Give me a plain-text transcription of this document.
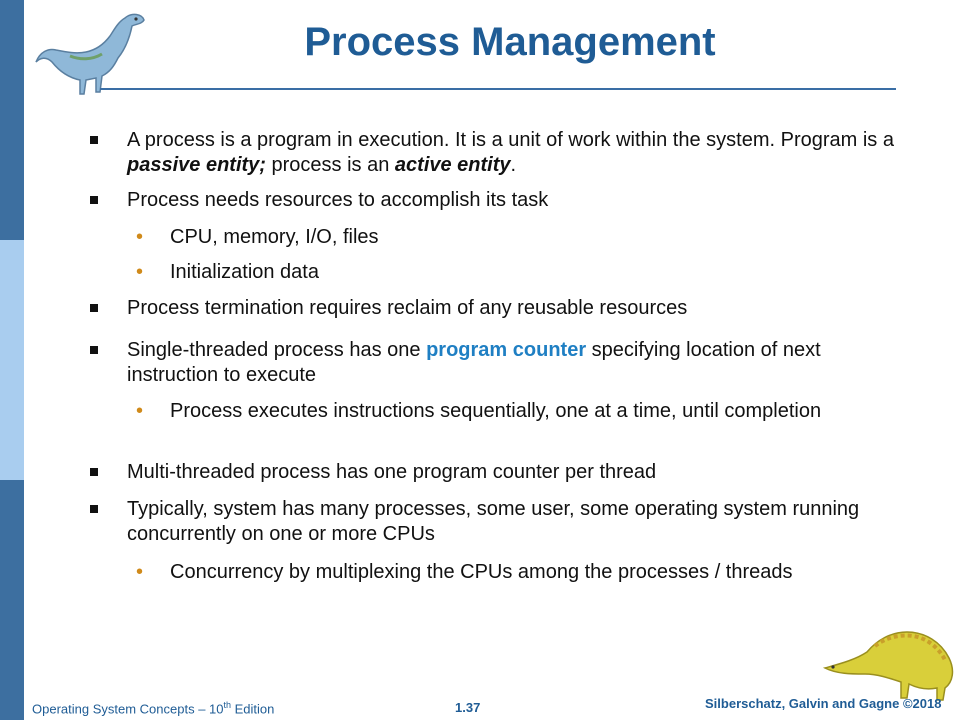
Process Management
A process is a program in execution. It is a unit of work within the system. Program is a passive entity; process is an active entity.
Process needs resources to accomplish its task
• CPU, memory, I/O, files
• Initialization data
Process termination requires reclaim of any reusable resources
Single-threaded process has one program counter specifying location of next instruction to execute
• Process executes instructions sequentially, one at a time, until completion
Multi-threaded process has one program counter per thread
Typically, system has many processes, some user, some operating system running concurrently on one or more CPUs
• Concurrency by multiplexing the CPUs among the processes / threads
Operating System Concepts – 10th Edition	1.37	Silberschatz, Galvin and Gagne ©2018
